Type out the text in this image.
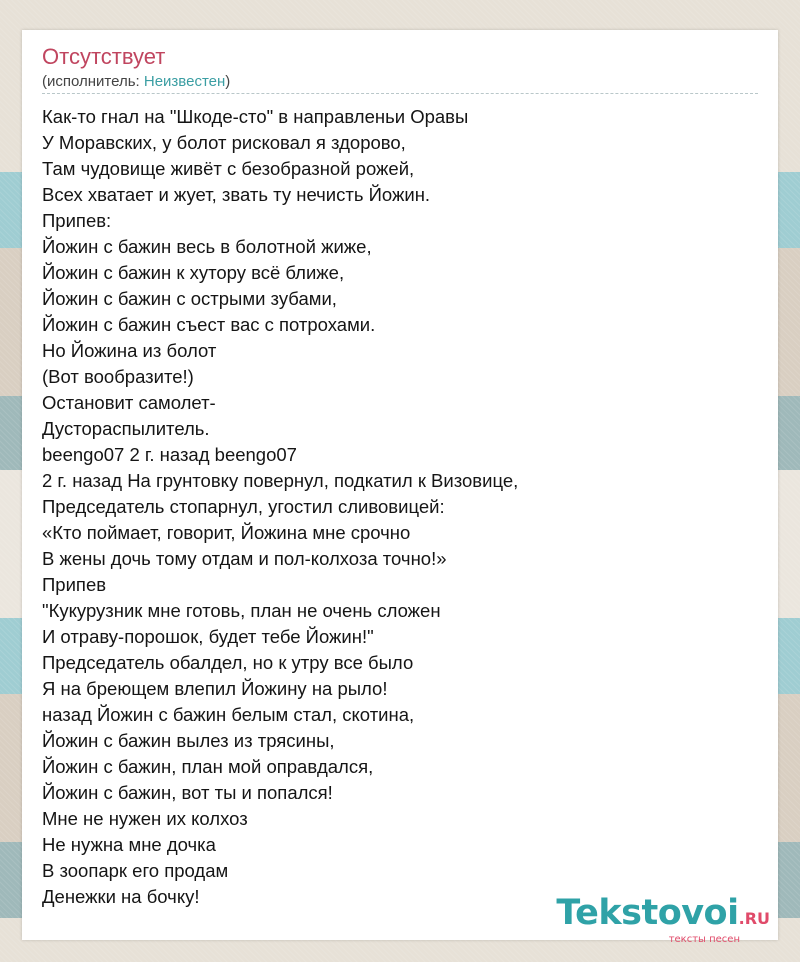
Отсутствует
(исполнитель: Неизвестен)
Как-то гнал на "Шкоде-сто" в направленьи Оравы
У Моравских, у болот рисковал я здорово,
Там чудовище живёт с безобразной рожей,
Всех хватает и жует, звать ту нечисть Йожин.
Припев:
Йожин с бажин весь в болотной жиже,
Йожин с бажин к хутору всё ближе,
Йожин с бажин с острыми зубами,
Йожин с бажин съест вас с потрохами.
Но Йожина из болот
(Вот вообразите!)
Остановит самолет-
Дустораспылитель.
beengo07 2 г. назад beengo07
2 г. назад На грунтовку повернул, подкатил к Визовице,
Председатель стопарнул, угостил сливовицей:
«Кто поймает, говорит, Йожина мне срочно
В жены дочь тому отдам и пол-колхоза точно!»
Припев
"Кукурузник мне готовь, план не очень сложен
И отраву-порошок, будет тебе Йожин!"
Председатель обалдел, но к утру все было
Я на бреющем влепил Йожину на рыло!
назад Йожин с бажин белым стал, скотина,
Йожин с бажин вылез из трясины,
Йожин с бажин, план мой оправдался,
Йожин с бажин, вот ты и попался!
Мне не нужен их колхоз
Не нужна мне дочка
В зоопарк его продам
Денежки на бочку!	Tekstovoi.RU
тексты песен
